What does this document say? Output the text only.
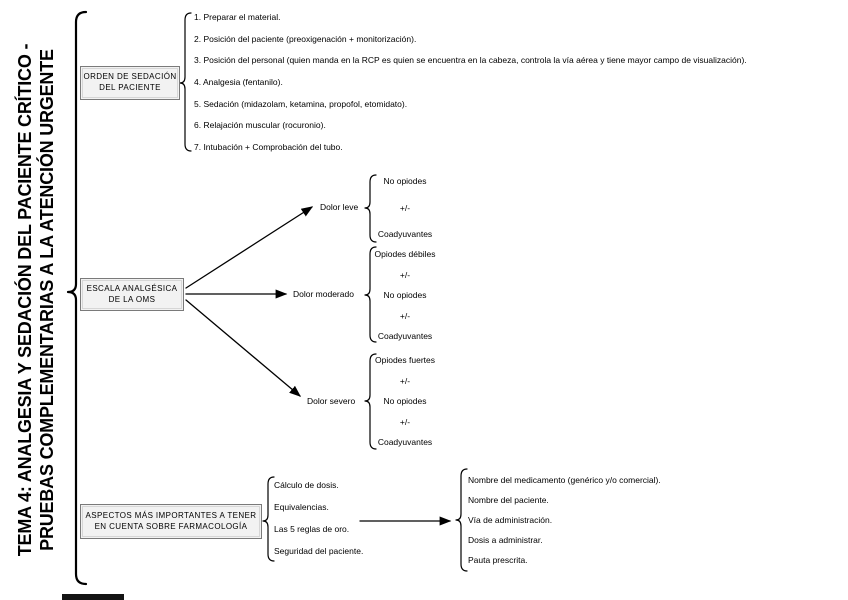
TEMA 4: ANALGESIA Y SEDACIÓN DEL PACIENTE CRÍTICO - PRUEBAS COMPLEMENTARIAS A LA ATENCIÓN URGENTE	ORDEN DE SEDACIÓN
DEL PACIENTE
ESCALA ANALGÉSICA
DE LA OMS
ASPECTOS MÁS IMPORTANTES A TENER
EN CUENTA SOBRE FARMACOLOGÍA
1. Preparar el material.
2. Posición del paciente (preoxigenación + monitorización).
3. Posición del personal (quien manda en la RCP es quien se encuentra en la cabeza, controla la vía aérea y tiene mayor campo de visualización).
4. Analgesia (fentanilo).
5. Sedación (midazolam, ketamina, propofol, etomidato).
6. Relajación muscular (rocuronio).
7. Intubación + Comprobación del tubo.
Dolor leve
No opiodes
+/-
Coadyuvantes
Dolor moderado
Opiodes débiles
+/-
No opiodes
+/-
Coadyuvantes
Dolor severo
Opiodes fuertes
+/-
No opiodes
+/-
Coadyuvantes
Cálculo de dosis.
Equivalencias.
Las 5 reglas de oro.
Seguridad del paciente.
Nombre del medicamento (genérico y/o comercial).
Nombre del paciente.
Vía de administración.
Dosis a administrar.
Pauta prescrita.
